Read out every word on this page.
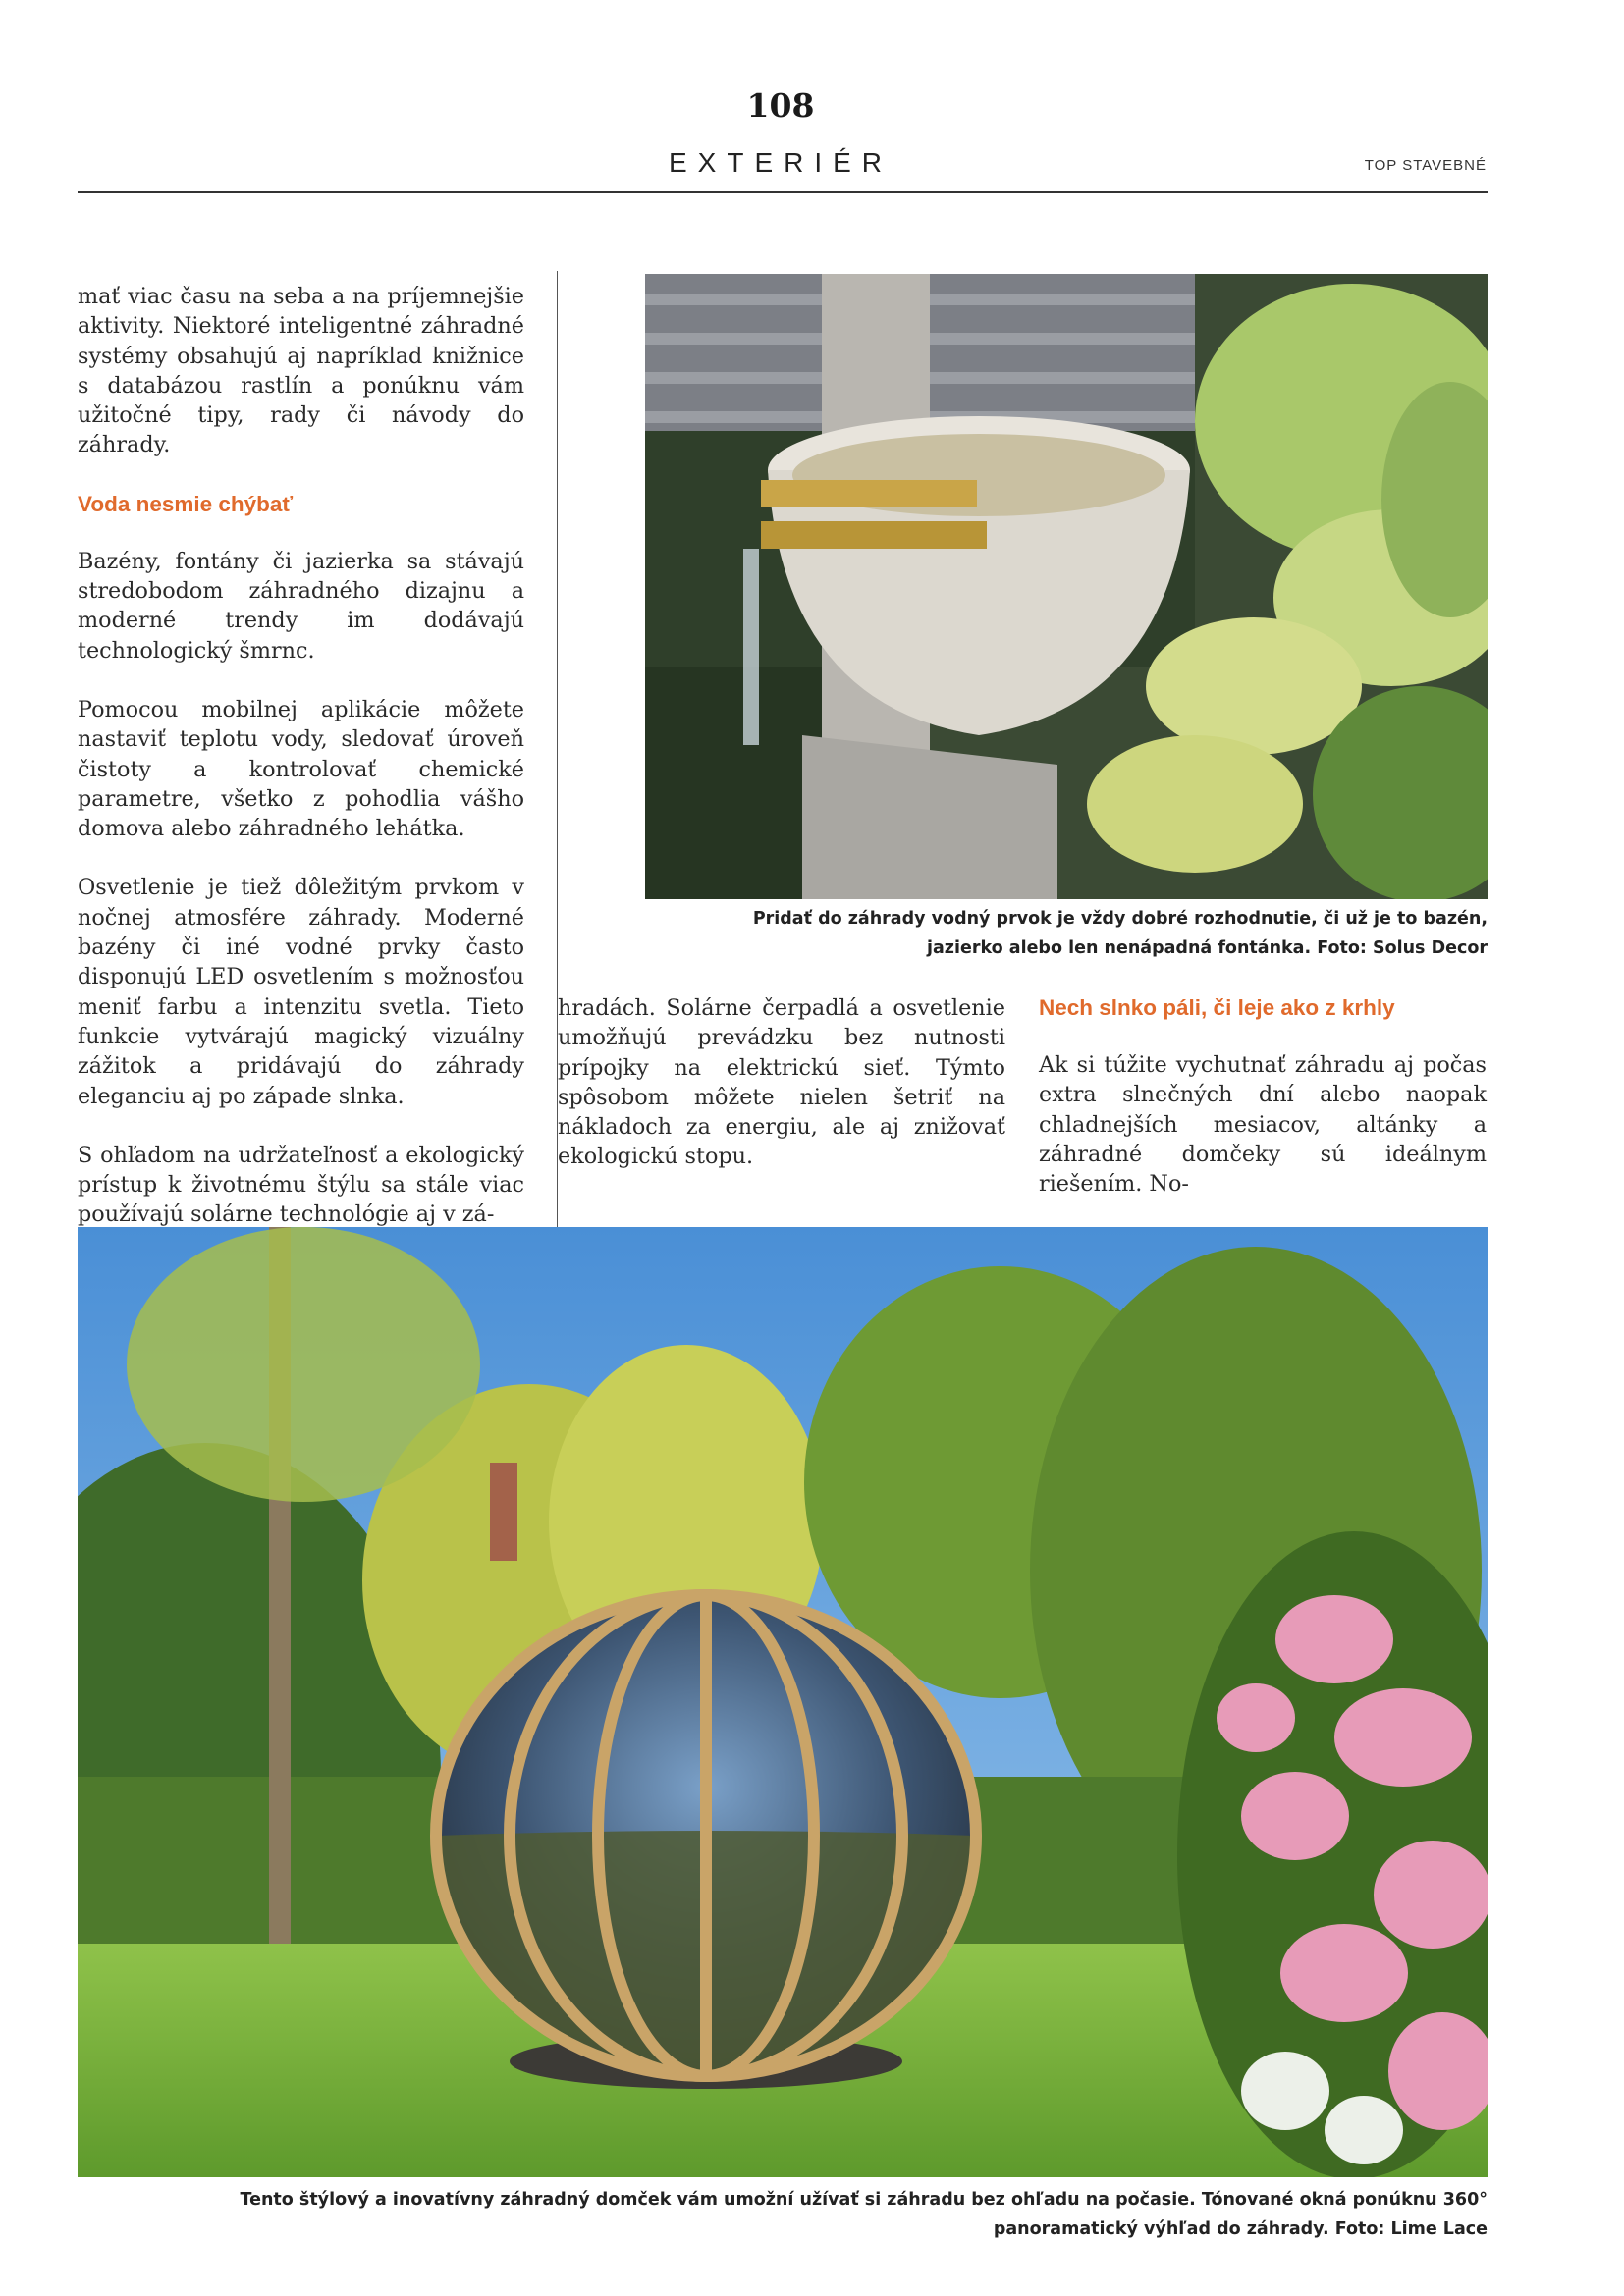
108
EXTERIÉR	TOP STAVEBNÉ

mať viac času na seba a na príjemnejšie aktivity. Niektoré inteligentné záhradné systémy obsahujú aj napríklad knižnice s databázou rastlín a ponúknu vám užitočné tipy, rady či návody do záhrady.

Voda nesmie chýbať

Bazény, fontány či jazierka sa stávajú stredobodom záhradného dizajnu a moderné trendy im dodávajú technologický šmrnc.

Pomocou mobilnej aplikácie môžete nastaviť teplotu vody, sledovať úroveň čistoty a kontrolovať chemické parametre, všetko z pohodlia vášho domova alebo záhradného lehátka.

Osvetlenie je tiež dôležitým prvkom v nočnej atmosfére záhrady. Moderné bazény či iné vodné prvky často disponujú LED osvetlením s možnosťou meniť farbu a intenzitu svetla. Tieto funkcie vytvárajú magický vizuálny zážitok a pridávajú do záhrady eleganciu aj po západe slnka.

S ohľadom na udržateľnosť a ekologický prístup k životnému štýlu sa stále viac používajú solárne technológie aj v zá-

Pridať do záhrady vodný prvok je vždy dobré rozhodnutie, či už je to bazén,
jazierko alebo len nenápadná fontánka. Foto: Solus Decor

hradách. Solárne čerpadlá a osvetlenie umožňujú prevádzku bez nutnosti prípojky na elektrickú sieť. Týmto spôsobom môžete nielen šetriť na nákladoch za energiu, ale aj znižovať ekologickú stopu.

Nech slnko páli, či leje ako z krhly

Ak si túžite vychutnať záhradu aj počas extra slnečných dní alebo naopak chladnejších mesiacov, altánky a záhradné domčeky sú ideálnym riešením. No-

Tento štýlový a inovatívny záhradný domček vám umožní užívať si záhradu bez ohľadu na počasie. Tónované okná ponúknu 360°
panoramatický výhľad do záhrady. Foto: Lime Lace
